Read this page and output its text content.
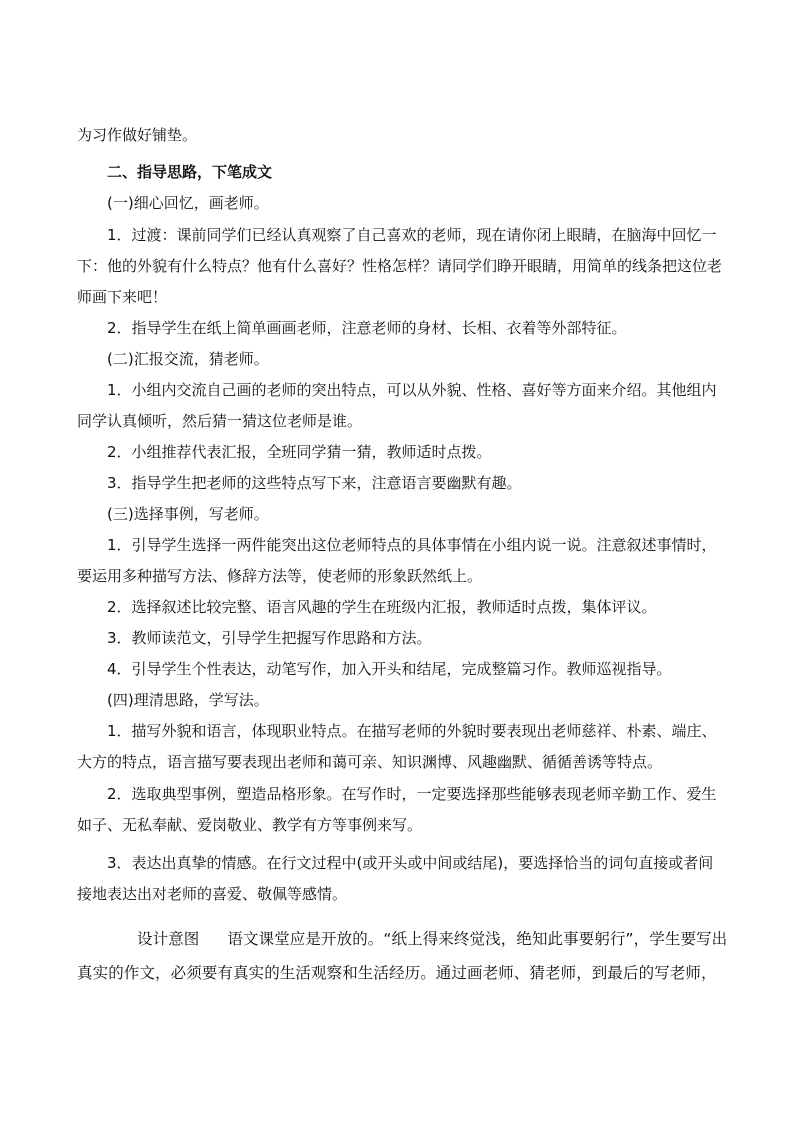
为习作做好铺垫。

二、指导思路，下笔成文

(一)细心回忆，画老师。

1．过渡：课前同学们已经认真观察了自己喜欢的老师，现在请你闭上眼睛，在脑海中回忆一下：他的外貌有什么特点？他有什么喜好？性格怎样？请同学们睁开眼睛，用简单的线条把这位老师画下来吧！

2．指导学生在纸上简单画画老师，注意老师的身材、长相、衣着等外部特征。

(二)汇报交流，猜老师。

1．小组内交流自己画的老师的突出特点，可以从外貌、性格、喜好等方面来介绍。其他组内同学认真倾听，然后猜一猜这位老师是谁。

2．小组推荐代表汇报，全班同学猜一猜，教师适时点拨。

3．指导学生把老师的这些特点写下来，注意语言要幽默有趣。

(三)选择事例，写老师。

1．引导学生选择一两件能突出这位老师特点的具体事情在小组内说一说。注意叙述事情时，要运用多种描写方法、修辞方法等，使老师的形象跃然纸上。

2．选择叙述比较完整、语言风趣的学生在班级内汇报，教师适时点拨，集体评议。

3．教师读范文，引导学生把握写作思路和方法。

4．引导学生个性表达，动笔写作，加入开头和结尾，完成整篇习作。教师巡视指导。

(四)理清思路，学写法。

1．描写外貌和语言，体现职业特点。在描写老师的外貌时要表现出老师慈祥、朴素、端庄、大方的特点，语言描写要表现出老师和蔼可亲、知识渊博、风趣幽默、循循善诱等特点。

2．选取典型事例，塑造品格形象。在写作时，一定要选择那些能够表现老师辛勤工作、爱生如子、无私奉献、爱岗敬业、教学有方等事例来写。

3．表达出真挚的情感。在行文过程中(或开头或中间或结尾)，要选择恰当的词句直接或者间接地表达出对老师的喜爱、敬佩等感情。

设计意图 语文课堂应是开放的。“纸上得来终觉浅，绝知此事要躬行”，学生要写出真实的作文，必须要有真实的生活观察和生活经历。通过画老师、猜老师，到最后的写老师，
